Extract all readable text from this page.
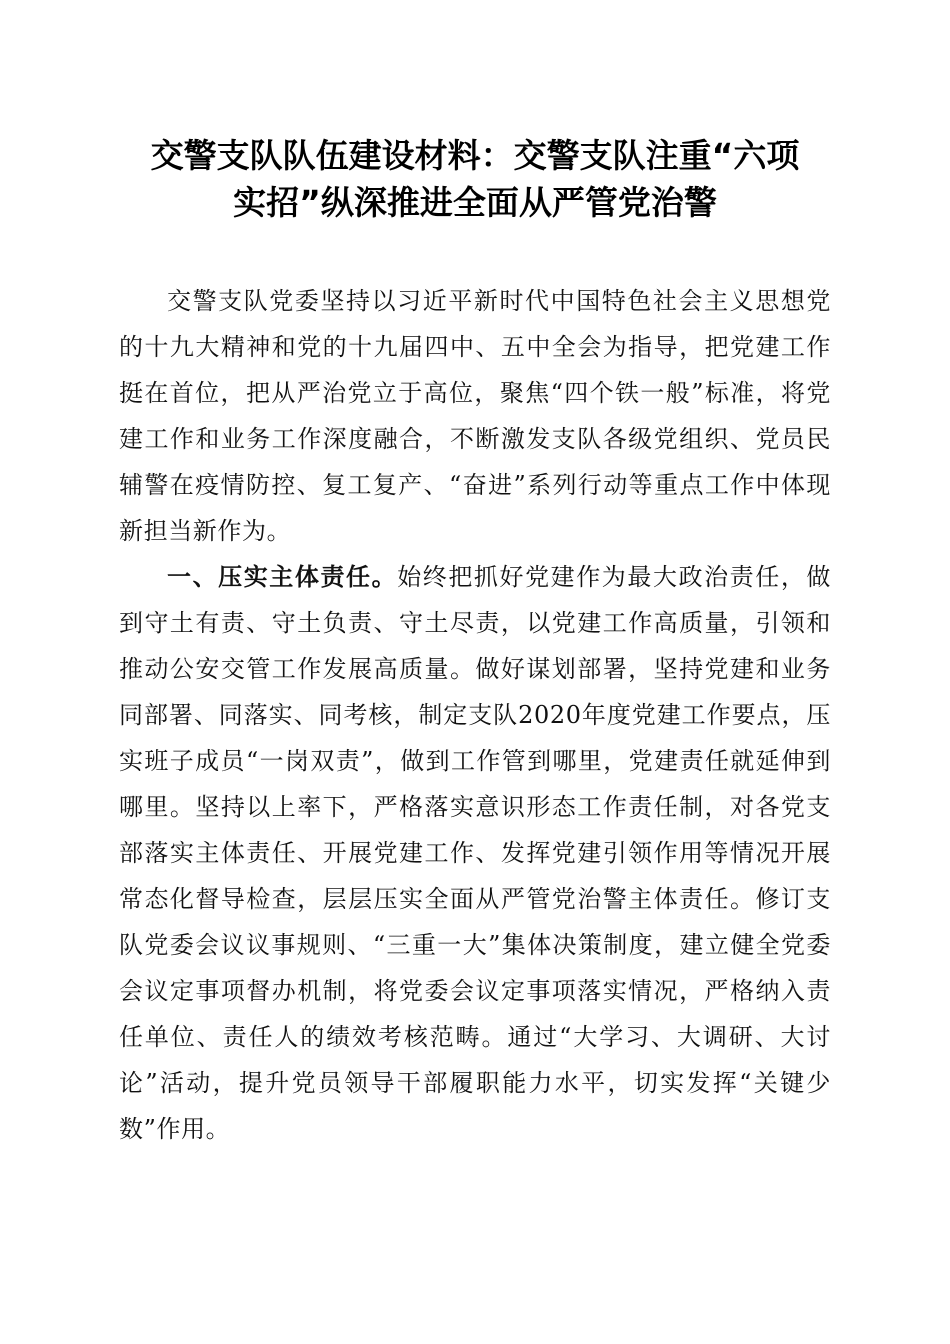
交警支队队伍建设材料：交警支队注重“六项
实招”纵深推进全面从严管党治警

交警支队党委坚持以习近平新时代中国特色社会主义思想党的十九大精神和党的十九届四中、五中全会为指导，把党建工作挺在首位，把从严治党立于高位，聚焦“四个铁一般”标准，将党建工作和业务工作深度融合，不断激发支队各级党组织、党员民辅警在疫情防控、复工复产、“奋进”系列行动等重点工作中体现新担当新作为。

一、压实主体责任。始终把抓好党建作为最大政治责任，做到守土有责、守土负责、守土尽责，以党建工作高质量，引领和推动公安交管工作发展高质量。做好谋划部署，坚持党建和业务同部署、同落实、同考核，制定支队2020年度党建工作要点，压实班子成员“一岗双责”，做到工作管到哪里，党建责任就延伸到哪里。坚持以上率下，严格落实意识形态工作责任制，对各党支部落实主体责任、开展党建工作、发挥党建引领作用等情况开展常态化督导检查，层层压实全面从严管党治警主体责任。修订支队党委会议议事规则、“三重一大”集体决策制度，建立健全党委会议定事项督办机制，将党委会议定事项落实情况，严格纳入责任单位、责任人的绩效考核范畴。通过“大学习、大调研、大讨论”活动，提升党员领导干部履职能力水平，切实发挥“关键少数”作用。
